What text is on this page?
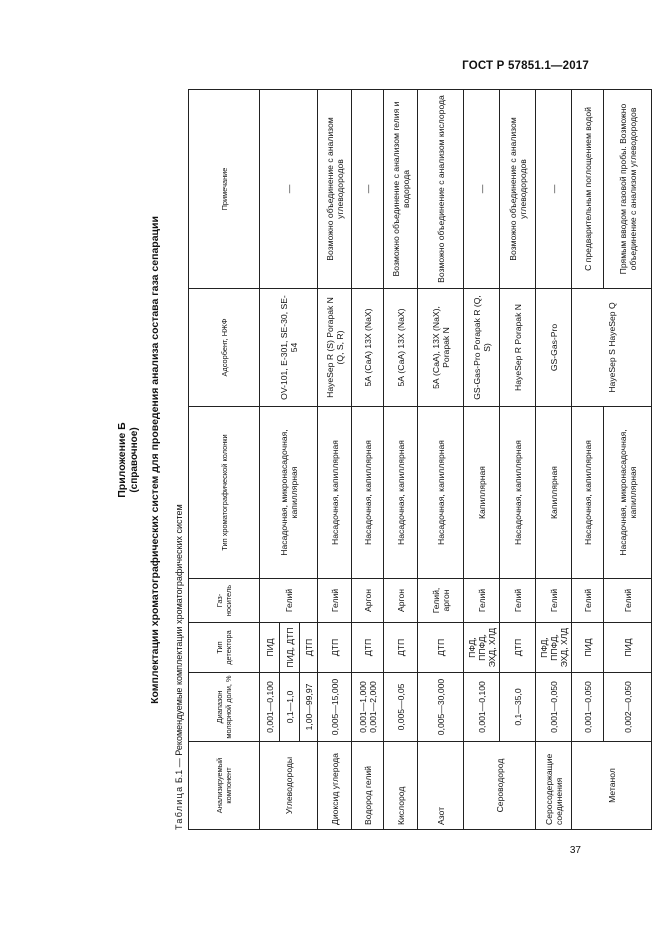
ГОСТ Р 57851.1—2017
Приложение Б (справочное) Комплектации хроматографических систем для проведения анализа состава газа сепарации
Таблица Б.1 — Рекомендуемые комплектации хроматографических систем	Анализируемый компонент	Диапазон молярной доли, %	Тип детектора	Газ-носитель	Тип хроматографической колонки	Адсорбент, НЖФ	Примечание
Углеводороды	0,001—0,100	ПИД	Гелий	Насадочная, микронасадочная, капиллярная	OV-101, E-301, SE-30, SE-54	—
	0,1—1,0	ПИД, ДТП				
	1,00—99,97	ДТП				
Диоксид углерода	0,005—15,000	ДТП	Гелий	Насадочная, капиллярная	HayeSep R (S) Porapak N (Q, S, R)	Возможно объединение с анализом углеводородов
Водород гелий	0,001—1,000 0,001—2,000	ДТП	Аргон	Насадочная, капиллярная	5А (СаА) 13Х (NaX)	—
Кислород	0,005—0,05	ДТП	Аргон	Насадочная, капиллярная	5А (СаА) 13Х (NaX)	Возможно объединение с анализом гелия и водорода
Азот	0,005—30,000	ДТП	Гелий, аргон	Насадочная, капиллярная	5А (СаА), 13Х (NaX), Porapak N	Возможно объединение с анализом кислорода
Сероводород	0,001—0,100	ПФД, ППФД, ЭХД, ХЛД	Гелий	Капиллярная	GS-Gas-Pro Porapak R (Q, S)	—
	0,1—35,0	ДТП	Гелий	Насадочная, капиллярная	HayeSep R Porapak N	Возможно объединение с анализом углеводородов
Серосодержащие соединения	0,001—0,050	ПФД, ППФД, ЭХД, ХЛД	Гелий	Капиллярная	GS-Gas-Pro	—
Метанол	0,001—0,050	ПИД	Гелий	Насадочная, капиллярная	HayeSep S HayeSep Q	С предварительным поглощением водой
	0,002—0,050	ПИД	Гелий	Насадочная, микронасадочная, капиллярная		Прямым вводом газовой пробы. Возможно объединение с анализом углеводородов
37
